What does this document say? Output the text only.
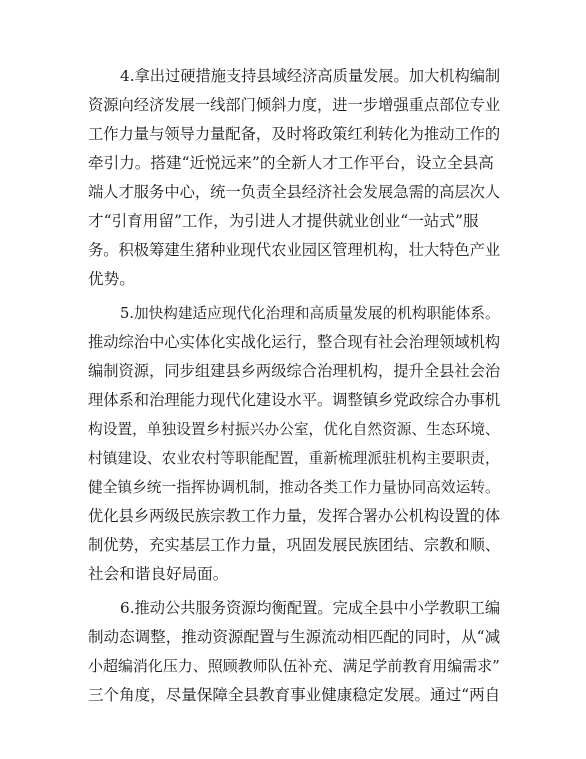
4.拿出过硬措施支持县域经济高质量发展。加大机构编制
资源向经济发展一线部门倾斜力度，进一步增强重点部位专业
工作力量与领导力量配备，及时将政策红利转化为推动工作的
牵引力。搭建“近悦远来”的全新人才工作平台，设立全县高
端人才服务中心，统一负责全县经济社会发展急需的高层次人
才“引育用留”工作，为引进人才提供就业创业“一站式”服
务。积极筹建生猪种业现代农业园区管理机构，壮大特色产业
优势。
5.加快构建适应现代化治理和高质量发展的机构职能体系。
推动综治中心实体化实战化运行，整合现有社会治理领域机构
编制资源，同步组建县乡两级综合治理机构，提升全县社会治
理体系和治理能力现代化建设水平。调整镇乡党政综合办事机
构设置，单独设置乡村振兴办公室，优化自然资源、生态环境、
村镇建设、农业农村等职能配置，重新梳理派驻机构主要职责，
健全镇乡统一指挥协调机制，推动各类工作力量协同高效运转。
优化县乡两级民族宗教工作力量，发挥合署办公机构设置的体
制优势，充实基层工作力量，巩固发展民族团结、宗教和顺、
社会和谐良好局面。
6.推动公共服务资源均衡配置。完成全县中小学教职工编
制动态调整，推动资源配置与生源流动相匹配的同时，从“减
小超编消化压力、照顾教师队伍补充、满足学前教育用编需求”
三个角度，尽量保障全县教育事业健康稳定发展。通过“两自
